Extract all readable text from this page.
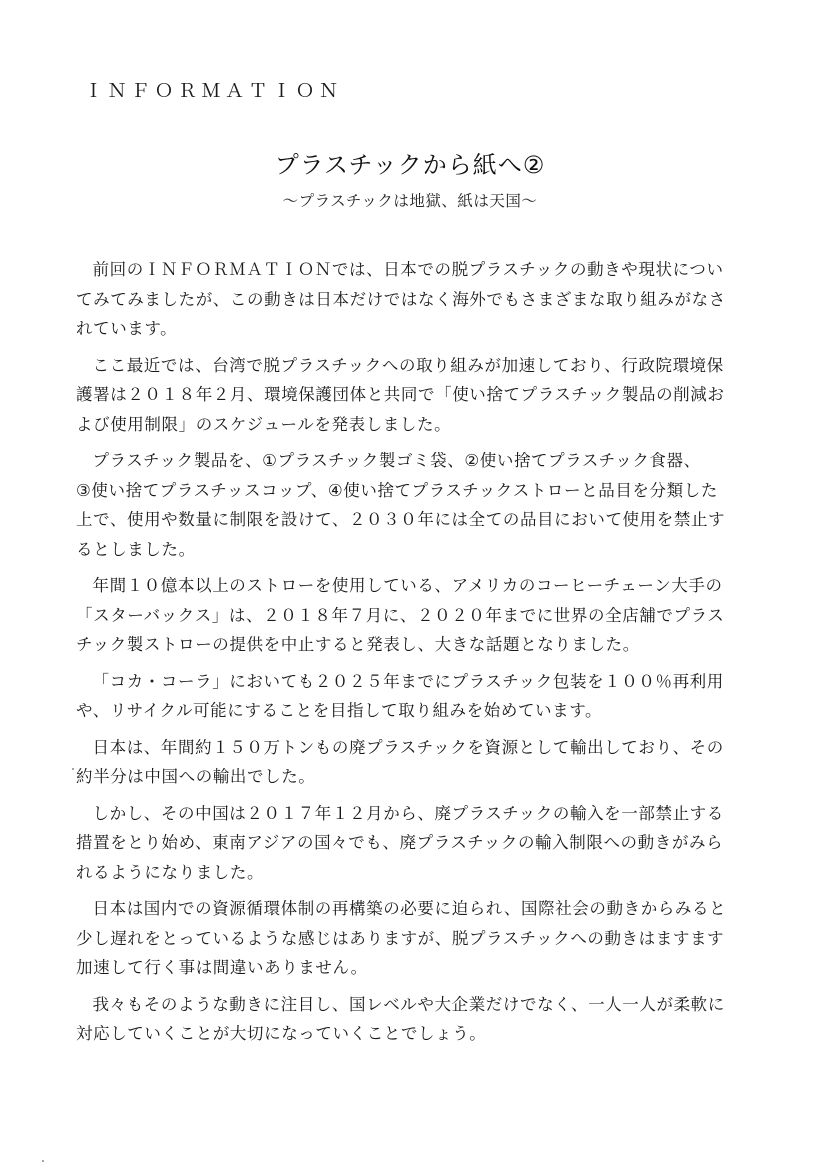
ＩＮＦＯＲＭＡＴＩＯＮ
プラスチックから紙へ②
～プラスチックは地獄、紙は天国～

前回のＩＮＦＯＲＭＡＴＩＯＮでは、日本での脱プラスチックの動きや現状につい
てみてみましたが、この動きは日本だけではなく海外でもさまざまな取り組みがなさ
れています。

ここ最近では、台湾で脱プラスチックへの取り組みが加速しており、行政院環境保
護署は２０１８年２月、環境保護団体と共同で「使い捨てプラスチック製品の削減お
よび使用制限」のスケジュールを発表しました。

プラスチック製品を、①プラスチック製ゴミ袋、②使い捨てプラスチック食器、
③使い捨てプラスチッスコップ、④使い捨てプラスチックストローと品目を分類した
上で、使用や数量に制限を設けて、２０３０年には全ての品目において使用を禁止す
るとしました。

年間１０億本以上のストローを使用している、アメリカのコーヒーチェーン大手の
「スターバックス」は、２０１８年７月に、２０２０年までに世界の全店舗でプラス
チック製ストローの提供を中止すると発表し、大きな話題となりました。

「コカ・コーラ」においても２０２５年までにプラスチック包装を１００％再利用
や、リサイクル可能にすることを目指して取り組みを始めています。

日本は、年間約１５０万トンもの廃プラスチックを資源として輸出しており、その
約半分は中国への輸出でした。

しかし、その中国は２０１７年１２月から、廃プラスチックの輸入を一部禁止する
措置をとり始め、東南アジアの国々でも、廃プラスチックの輸入制限への動きがみら
れるようになりました。

日本は国内での資源循環体制の再構築の必要に迫られ、国際社会の動きからみると
少し遅れをとっているような感じはありますが、脱プラスチックへの動きはますます
加速して行く事は間違いありません。

我々もそのような動きに注目し、国レベルや大企業だけでなく、一人一人が柔軟に
対応していくことが大切になっていくことでしょう。
